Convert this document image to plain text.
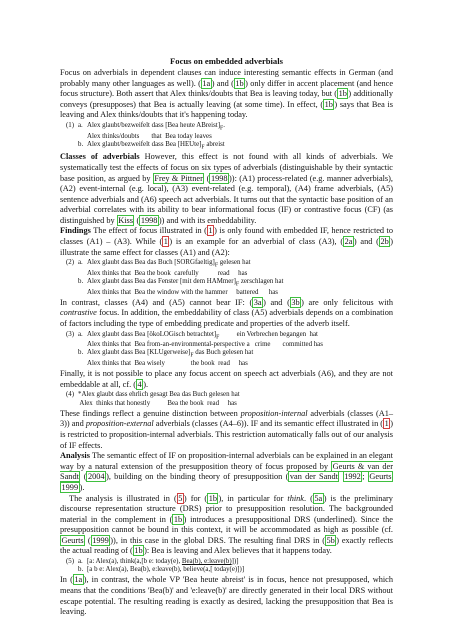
Focus on embedded adverbials
Focus on adverbials in dependent clauses can induce interesting semantic effects in German (and probably many other languages as well). ( 1a ) and ( 1b ) only differ in accent placement (and hence focus structure). Both assert that Alex thinks/doubts that Bea is leaving today, but ( 1b ) additionally conveys (presupposes) that Bea is actually leaving (at some time). In effect, ( 1b ) says that Bea is leaving and Alex thinks/doubts that it's happening today.
(1) a. Alex glaubt/bezweifelt dass [Bea heute $ABreist]_F$.
Alex thinks/doubts       that  Bea today leaves
b. Alex glaubt/bezweifelt dass Bea $[HEUte]_F$ abreist
Classes of adverbials However, this effect is not found with all kinds of adverbials. We systematically test the effects of focus on six types of adverbials (distinguishable by their syntactic base position, as argued by Frey & Pittner ( 1998 )): (A1) process-related (e.g. manner adverbials), (A2) event-internal (e.g. local), (A3) event-related (e.g. temporal), (A4) frame adverbials, (A5) sentence adverbials and (A6) speech act adverbials. It turns out that the syntactic base position of an adverbial correlates with its ability to bear informational focus (IF) or contrastive focus (CF) (as distinguished by Kiss ( 1998 )) and with its embeddability.
Findings The effect of focus illustrated in ( 1 ) is only found with embedded IF, hence restricted to classes (A1) – (A3). While ( 1 ) is an example for an adverbial of class (A3), ( 2a ) and ( 2b ) illustrate the same effect for classes (A1) and (A2):
(2) a. Alex glaubt dass Bea das Buch $[SORGfaeltig]_F$ gelesen hat
Alex thinks that  Bea the book  carefully           read     has
b. Alex glaubt dass Bea das Fenster [mit dem $HAMmer]_F$ zerschlagen hat
Alex thinks that  Bea the window with the hammer     battered      has
In contrast, classes (A4) and (A5) cannot bear IF: ( 3a ) and ( 3b ) are only felicitous with contrastive focus. In addition, the embeddability of class (A5) adverbials depends on a combination of factors including the type of embedding predicate and properties of the adverb itself.
(3) a. Alex glaubt dass Bea [ökoLOGisch $betrachtet]_F$          ein Verbrechen begangen  hat
Alex thinks that  Bea from-an-environmental-perspective a   crime       committed has
b. Alex glaubt dass Bea $[KLUgerweise]_F$ das Buch gelesen hat
Alex thinks that  Bea wisely               the book  read     has
Finally, it is not possible to place any focus accent on speech act adverbials (A6), and they are not embeddable at all, cf. ( 4 ).
(4) *Alex glaubt dass ehrlich gesagt Bea das Buch gelesen hat
Alex  thinks that honestly          Bea the book  read     has
These findings reflect a genuine distinction between proposition-internal adverbials (classes (A1–3)) and proposition-external adverbials (classes (A4–6)). IF and its semantic effect illustrated in ( 1 ) is restricted to proposition-internal adverbials. This restriction automatically falls out of our analysis of IF effects.
Analysis The semantic effect of IF on proposition-internal adverbials can be explained in an elegant way by a natural extension of the presupposition theory of focus proposed by Geurts & van der Sandt ( 2004 ), building on the binding theory of presupposition ( van der Sandt 1992 ; Geurts 1999 ).
The analysis is illustrated in ( 5 ) for ( 1b ), in particular for think. ( 5a ) is the preliminary discourse representation structure (DRS) prior to presupposition resolution. The backgrounded material in the complement in ( 1b ) introduces a presuppositional DRS (underlined). Since the presupposition cannot be bound in this context, it will be accommodated as high as possible (cf. Geurts ( 1999 )), in this case in the global DRS. The resulting final DRS in ( 5b ) exactly reflects the actual reading of ( 1b ): Bea is leaving and Alex believes that it happens today.
(5) a. [a: Alex(a), think(a,[b e: today(e), Bea(b), e:leave(b)])]
b. [a b e: Alex(a), Bea(b), e:leave(b), believe(a,[ today(e)])]
In ( 1a ), in contrast, the whole VP 'Bea heute abreist' is in focus, hence not presupposed, which means that the conditions 'Bea(b)' and 'e:leave(b)' are directly generated in their local DRS without escape potential. The resulting reading is exactly as desired, lacking the presupposition that Bea is leaving.
